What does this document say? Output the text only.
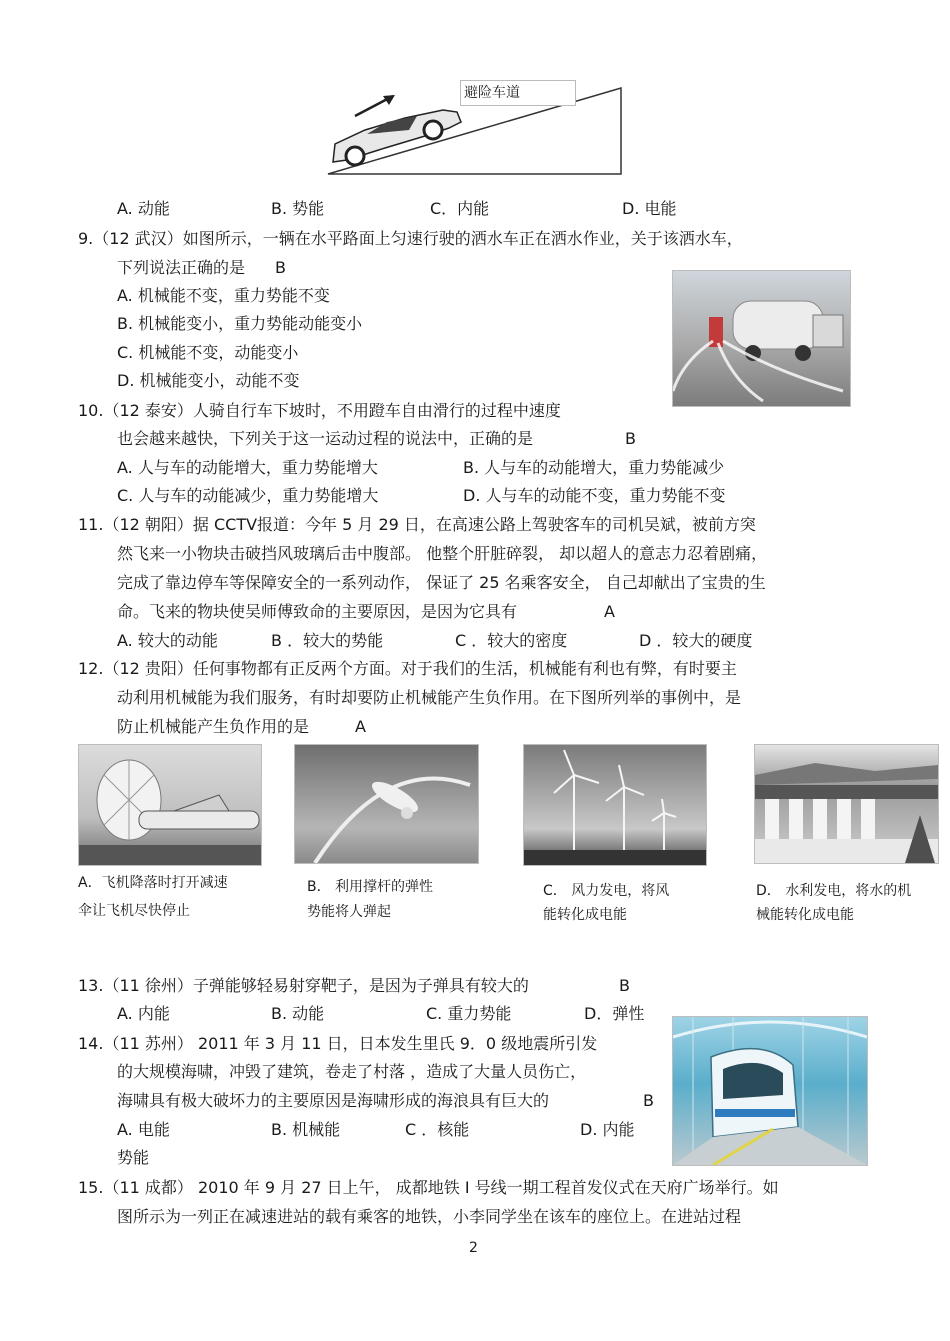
避险车道
A. 动能	B. 势能	C．内能	D. 电能
9.（12 武汉）如图所示，一辆在水平路面上匀速行驶的洒水车正在洒水作业，关于该洒水车，
下列说法正确的是 B
A. 机械能不变，重力势能不变
B. 机械能变小，重力势能动能变小
C. 机械能不变，动能变小
D. 机械能变小，动能不变
10.（12 泰安）人骑自行车下坡时，不用蹬车自由滑行的过程中速度
也会越来越快，下列关于这一运动过程的说法中，正确的是	B
A. 人与车的动能增大，重力势能增大	B. 人与车的动能增大，重力势能减少
C. 人与车的动能减少，重力势能增大	D. 人与车的动能不变，重力势能不变
11.（12 朝阳）据 CCTV报道：今年 5 月 29 日，在高速公路上驾驶客车的司机吴斌，被前方突
然飞来一小物块击破挡风玻璃后击中腹部。 他整个肝脏碎裂， 却以超人的意志力忍着剧痛，
完成了靠边停车等保障安全的一系列动作， 保证了 25 名乘客安全， 自己却献出了宝贵的生
命。飞来的物块使吴师傅致命的主要原因，是因为它具有	A
A. 较大的动能	B ．较大的势能	C ．较大的密度	D ．较大的硬度
12.（12 贵阳）任何事物都有正反两个方面。对于我们的生活，机械能有利也有弊，有时要主
动利用机械能为我们服务，有时却要防止机械能产生负作用。在下图所列举的事例中，是
防止机械能产生负作用的是	A
A．飞机降落时打开减速
伞让飞机尽快停止
B． 利用撑杆的弹性
势能将人弹起
C． 风力发电，将风
能转化成电能
D． 水利发电，将水的机
械能转化成电能
13.（11 徐州）子弹能够轻易射穿靶子，是因为子弹具有较大的	B
A. 内能	B. 动能	C. 重力势能	D．弹性
14.（11 苏州） 2011 年 3 月 11 日，日本发生里氏 9．0 级地震所引发
的大规模海啸，冲毁了建筑，卷走了村落 ，造成了大量人员伤亡，
海啸具有极大破坏力的主要原因是海啸形成的海浪具有巨大的	B
A. 电能	B. 机械能	C ．核能	D. 内能
势能
15.（11 成都） 2010 年 9 月 27 日上午， 成都地铁 Ⅰ 号线一期工程首发仪式在天府广场举行。如
图所示为一列正在减速进站的载有乘客的地铁，小李同学坐在该车的座位上。在进站过程
2
